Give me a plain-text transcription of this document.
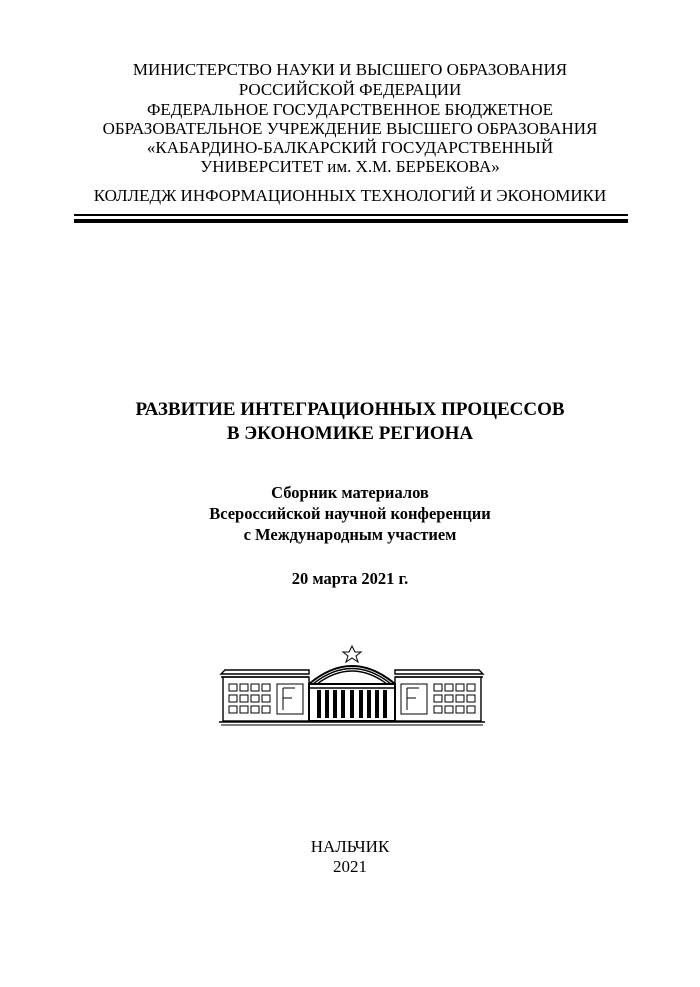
МИНИСТЕРСТВО НАУКИ И ВЫСШЕГО ОБРАЗОВАНИЯ
РОССИЙСКОЙ ФЕДЕРАЦИИ
ФЕДЕРАЛЬНОЕ ГОСУДАРСТВЕННОЕ БЮДЖЕТНОЕ
ОБРАЗОВАТЕЛЬНОЕ УЧРЕЖДЕНИЕ ВЫСШЕГО ОБРАЗОВАНИЯ
«КАБАРДИНО-БАЛКАРСКИЙ ГОСУДАРСТВЕННЫЙ
УНИВЕРСИТЕТ им. Х.М. БЕРБЕКОВА»
КОЛЛЕДЖ ИНФОРМАЦИОННЫХ ТЕХНОЛОГИЙ И ЭКОНОМИКИ
РАЗВИТИЕ ИНТЕГРАЦИОННЫХ ПРОЦЕССОВ
В ЭКОНОМИКЕ РЕГИОНА
Сборник материалов
Всероссийской научной конференции
с Международным участием
20 марта 2021 г.
НАЛЬЧИК
2021
